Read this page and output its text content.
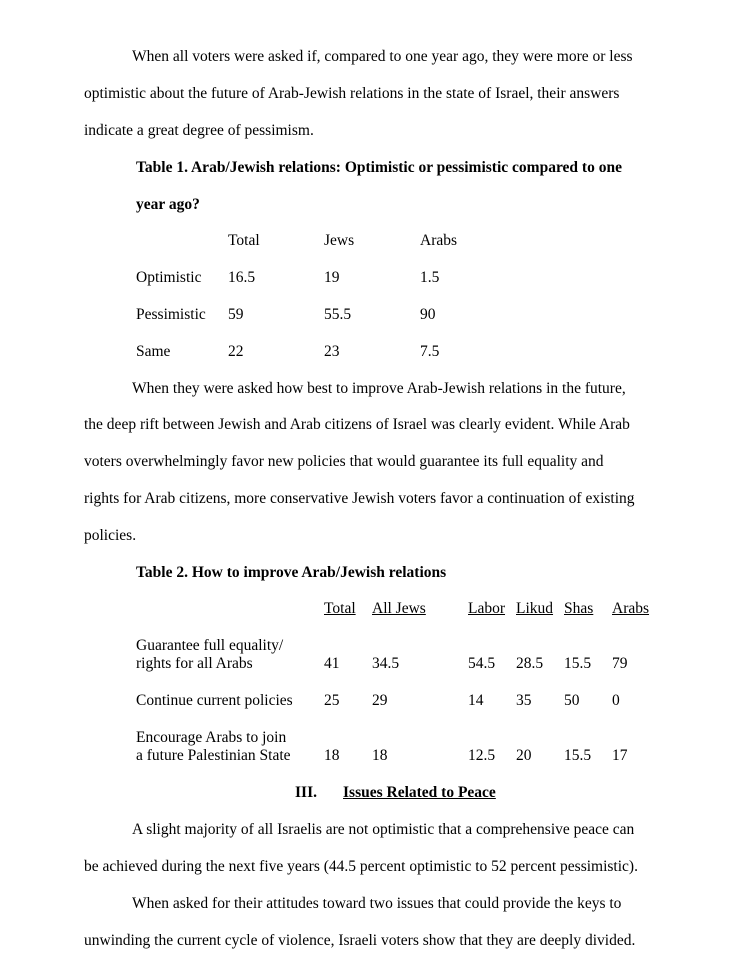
When all voters were asked if, compared to one year ago, they were more or less
optimistic about the future of Arab-Jewish relations in the state of Israel, their answers
indicate a great degree of pessimism.
Table 1. Arab/Jewish relations: Optimistic or pessimistic compared to one
year ago?
Total	Jews	Arabs
Optimistic 16.5	19	1.5
Pessimistic 59	55.5	90
Same	22	23	7.5
When they were asked how best to improve Arab-Jewish relations in the future,
the deep rift between Jewish and Arab citizens of Israel was clearly evident. While Arab
voters overwhelmingly favor new policies that would guarantee its full equality and
rights for Arab citizens, more conservative Jewish voters favor a continuation of existing
policies.
Table 2. How to improve Arab/Jewish relations
Total All Jews	Labor Likud Shas Arabs
Guarantee full equality/
rights for all Arabs	41 34.5	54.5 28.5 15.5 79
Continue current policies 25 29	14 35 50 0
Encourage Arabs to join
a future Palestinian State 18 18	12.5 20 15.5 17
III. Issues Related to Peace
A slight majority of all Israelis are not optimistic that a comprehensive peace can
be achieved during the next five years (44.5 percent optimistic to 52 percent pessimistic).
When asked for their attitudes toward two issues that could provide the keys to
unwinding the current cycle of violence, Israeli voters show that they are deeply divided.
